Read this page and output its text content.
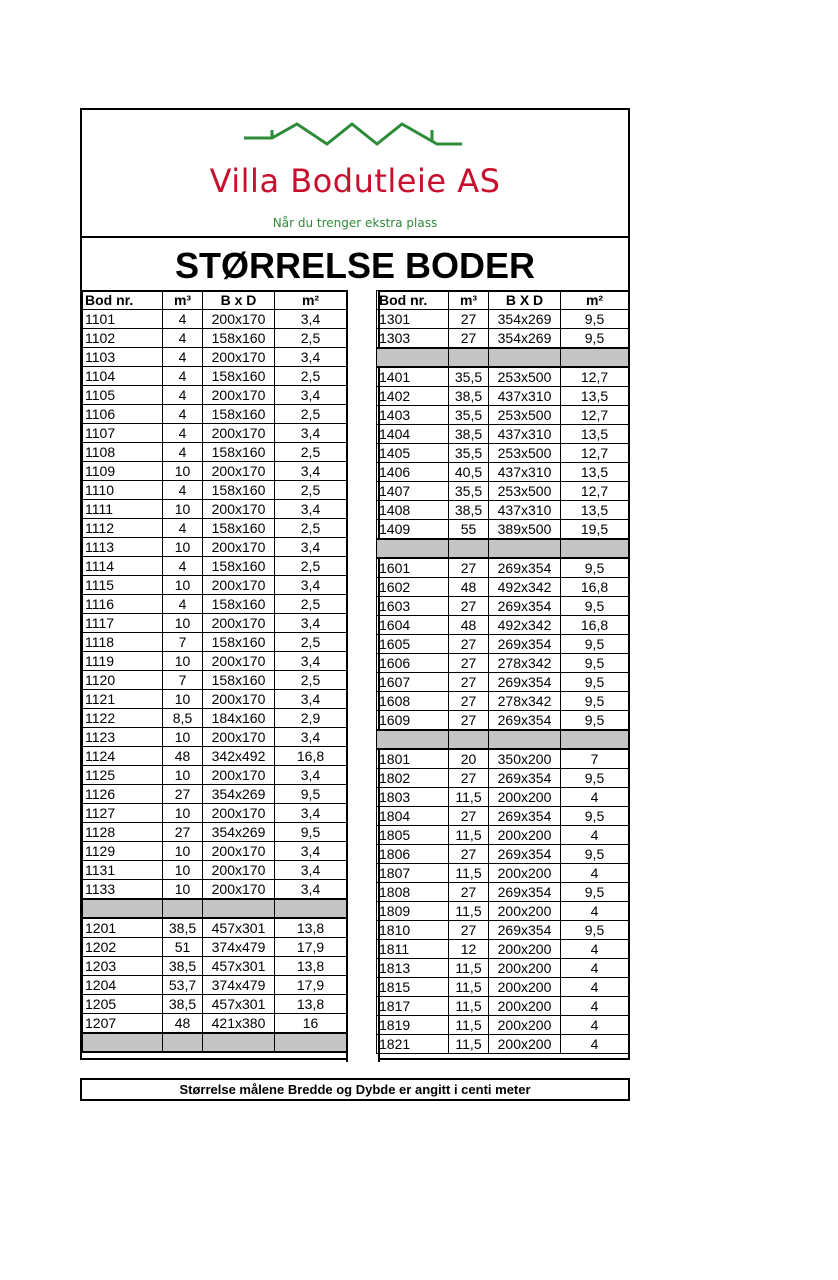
Villa Bodutleie AS
Når du trenger ekstra plass
STØRRELSE BODER
Bod nr.	m³	B x D	m²
1101	4	200x170	3,4
1102	4	158x160	2,5
1103	4	200x170	3,4
1104	4	158x160	2,5
1105	4	200x170	3,4
1106	4	158x160	2,5
1107	4	200x170	3,4
1108	4	158x160	2,5
1109	10	200x170	3,4
1110	4	158x160	2,5
1111	10	200x170	3,4
1112	4	158x160	2,5
1113	10	200x170	3,4
1114	4	158x160	2,5
1115	10	200x170	3,4
1116	4	158x160	2,5
1117	10	200x170	3,4
1118	7	158x160	2,5
1119	10	200x170	3,4
1120	7	158x160	2,5
1121	10	200x170	3,4
1122	8,5	184x160	2,9
1123	10	200x170	3,4
1124	48	342x492	16,8
1125	10	200x170	3,4
1126	27	354x269	9,5
1127	10	200x170	3,4
1128	27	354x269	9,5
1129	10	200x170	3,4
1131	10	200x170	3,4
1133	10	200x170	3,4

1201	38,5	457x301	13,8
1202	51	374x479	17,9
1203	38,5	457x301	13,8
1204	53,7	374x479	17,9
1205	38,5	457x301	13,8
1207	48	421x380	16

Bod nr.	m³	B X D	m²
1301	27	354x269	9,5
1303	27	354x269	9,5

1401	35,5	253x500	12,7
1402	38,5	437x310	13,5
1403	35,5	253x500	12,7
1404	38,5	437x310	13,5
1405	35,5	253x500	12,7
1406	40,5	437x310	13,5
1407	35,5	253x500	12,7
1408	38,5	437x310	13,5
1409	55	389x500	19,5

1601	27	269x354	9,5
1602	48	492x342	16,8
1603	27	269x354	9,5
1604	48	492x342	16,8
1605	27	269x354	9,5
1606	27	278x342	9,5
1607	27	269x354	9,5
1608	27	278x342	9,5
1609	27	269x354	9,5

1801	20	350x200	7
1802	27	269x354	9,5
1803	11,5	200x200	4
1804	27	269x354	9,5
1805	11,5	200x200	4
1806	27	269x354	9,5
1807	11,5	200x200	4
1808	27	269x354	9,5
1809	11,5	200x200	4
1810	27	269x354	9,5
1811	12	200x200	4
1813	11,5	200x200	4
1815	11,5	200x200	4
1817	11,5	200x200	4
1819	11,5	200x200	4
1821	11,5	200x200	4
Størrelse målene Bredde og Dybde er angitt i centi meter
